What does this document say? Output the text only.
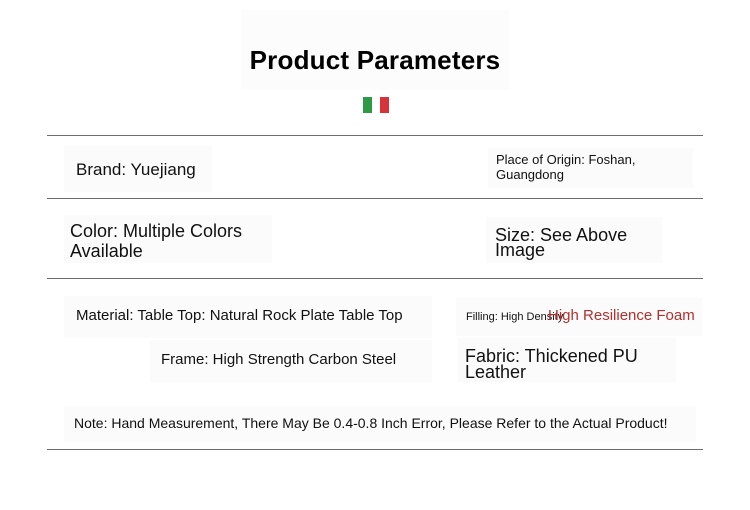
Product Parameters
Brand: Yuejiang
Place of Origin: Foshan,
Guangdong
Color: Multiple Colors
Available
Size: See Above
Image
Material: Table Top: Natural Rock Plate Table Top	Filling: High Density
High Resilience Foam
Frame: High Strength Carbon Steel	Fabric: Thickened PU
Leather
Note: Hand Measurement, There May Be 0.4-0.8 Inch Error, Please Refer to the Actual Product!
